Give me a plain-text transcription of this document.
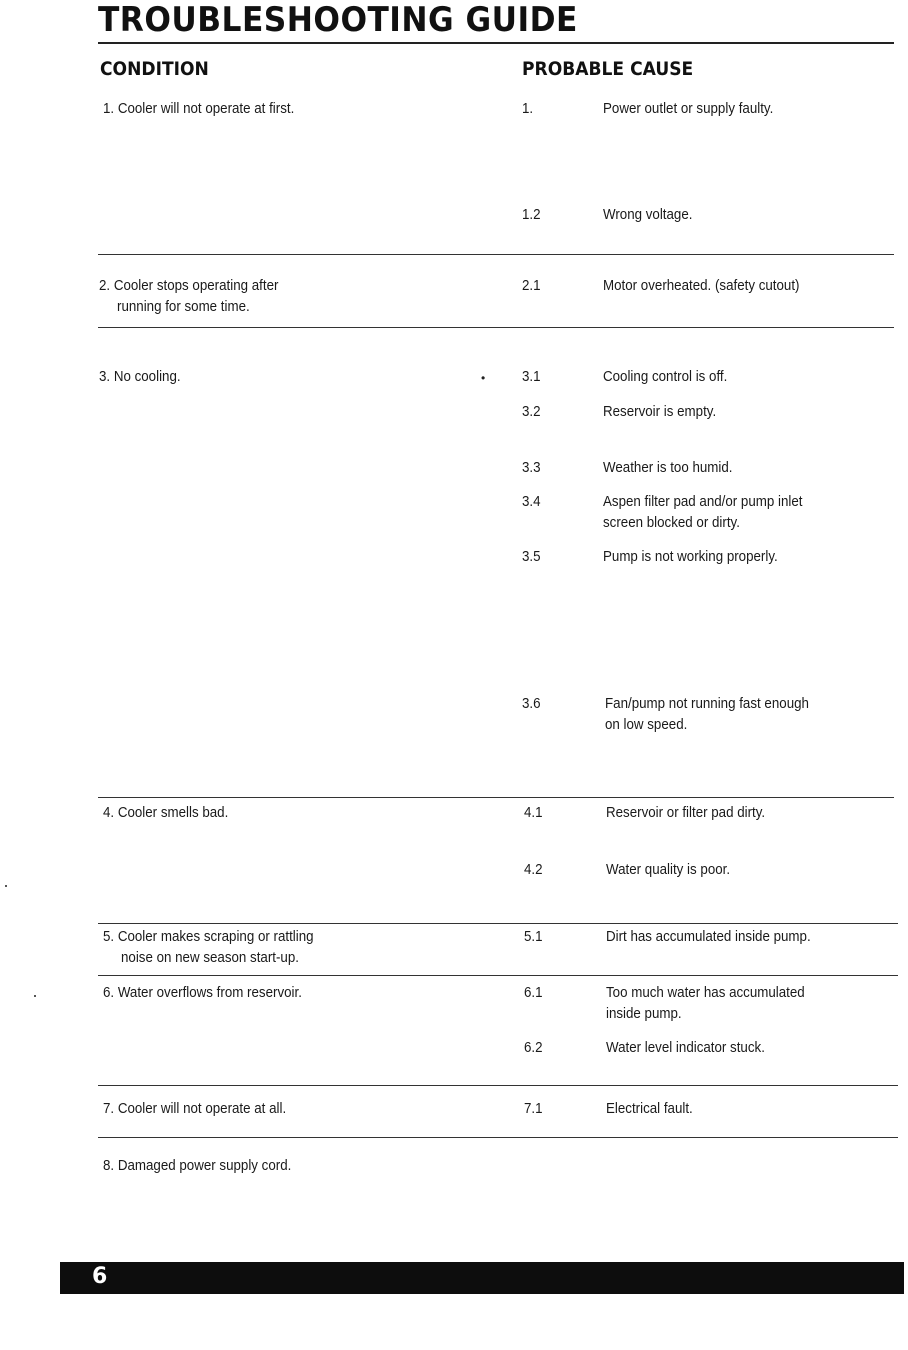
TROUBLESHOOTING GUIDE
CONDITION	PROBABLE CAUSE
1. Cooler will not operate at first.	1.	Power outlet or supply faulty.
1.2	Wrong voltage.
2. Cooler stops operating after
running for some time.
2.1	Motor overheated. (safety cutout)
3. No cooling.	•	3.1	Cooling control is off.
3.2	Reservoir is empty.
3.3	Weather is too humid.
3.4	Aspen filter pad and/or pump inlet
screen blocked or dirty.
3.5	Pump is not working properly.
3.6	Fan/pump not running fast enough
on low speed.
4. Cooler smells bad.	4.1	Reservoir or filter pad dirty.
4.2	Water quality is poor.
5. Cooler makes scraping or rattling
noise on new season start-up.
5.1	Dirt has accumulated inside pump.
6. Water overflows from reservoir.	6.1	Too much water has accumulated
inside pump.
6.2	Water level indicator stuck.
7. Cooler will not operate at all.	7.1	Electrical fault.
8. Damaged power supply cord.
6
